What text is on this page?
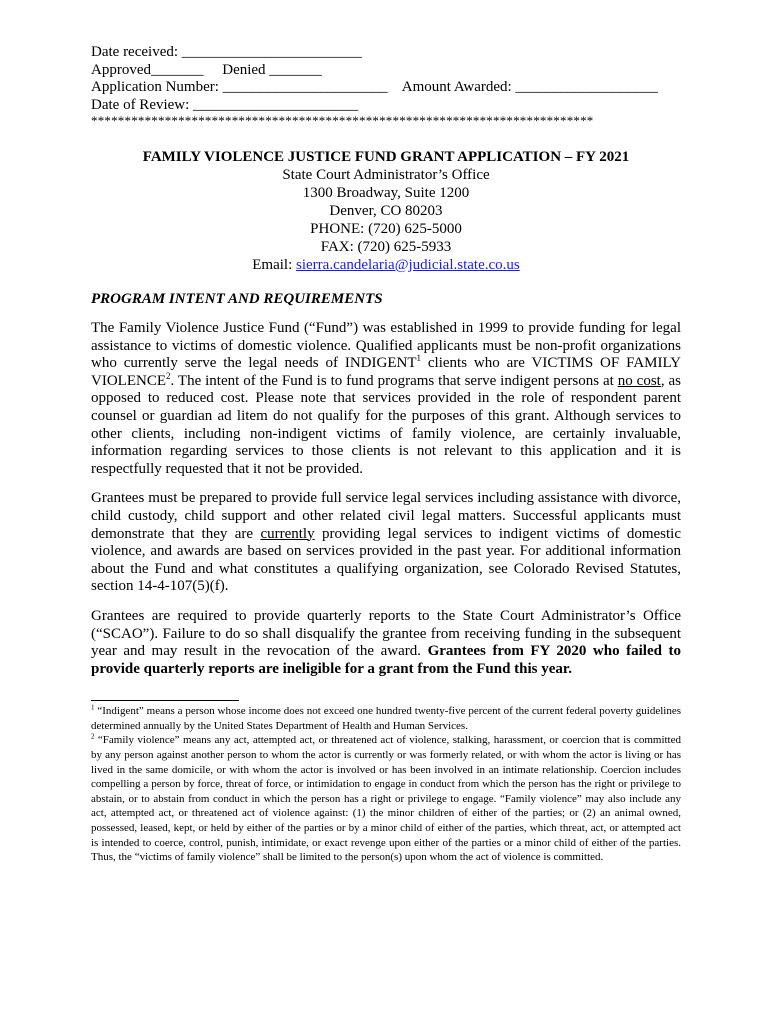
Date received: ________________________
Approved_______     Denied _______
Application Number: ______________________    Amount Awarded: ___________________
Date of Review: ______________________
***************************************************************************
FAMILY VIOLENCE JUSTICE FUND GRANT APPLICATION – FY 2021
State Court Administrator’s Office
1300 Broadway, Suite 1200
Denver, CO 80203
PHONE: (720) 625-5000
FAX: (720) 625-5933
Email: sierra.candelaria@judicial.state.co.us
PROGRAM INTENT AND REQUIREMENTS

The Family Violence Justice Fund (“Fund”) was established in 1999 to provide funding for legal assistance to victims of domestic violence. Qualified applicants must be non-profit organizations who currently serve the legal needs of INDIGENT$^1$ clients who are VICTIMS OF FAMILY VIOLENCE$^2$. The intent of the Fund is to fund programs that serve indigent persons at no cost, as opposed to reduced cost. Please note that services provided in the role of respondent parent counsel or guardian ad litem do not qualify for the purposes of this grant. Although services to other clients, including non-indigent victims of family violence, are certainly invaluable, information regarding services to those clients is not relevant to this application and it is respectfully requested that it not be provided.

Grantees must be prepared to provide full service legal services including assistance with divorce, child custody, child support and other related civil legal matters. Successful applicants must demonstrate that they are currently providing legal services to indigent victims of domestic violence, and awards are based on services provided in the past year. For additional information about the Fund and what constitutes a qualifying organization, see Colorado Revised Statutes, section 14-4-107(5)(f).

Grantees are required to provide quarterly reports to the State Court Administrator’s Office (“SCAO”). Failure to do so shall disqualify the grantee from receiving funding in the subsequent year and may result in the revocation of the award. Grantees from FY 2020 who failed to provide quarterly reports are ineligible for a grant from the Fund this year.

$^1$ “Indigent” means a person whose income does not exceed one hundred twenty-five percent of the current federal poverty guidelines determined annually by the United States Department of Health and Human Services.
$^2$ “Family violence” means any act, attempted act, or threatened act of violence, stalking, harassment, or coercion that is committed by any person against another person to whom the actor is currently or was formerly related, or with whom the actor is living or has lived in the same domicile, or with whom the actor is involved or has been involved in an intimate relationship. Coercion includes compelling a person by force, threat of force, or intimidation to engage in conduct from which the person has the right or privilege to abstain, or to abstain from conduct in which the person has a right or privilege to engage. “Family violence” may also include any act, attempted act, or threatened act of violence against: (1) the minor children of either of the parties; or (2) an animal owned, possessed, leased, kept, or held by either of the parties or by a minor child of either of the parties, which threat, act, or attempted act is intended to coerce, control, punish, intimidate, or exact revenge upon either of the parties or a minor child of either of the parties. Thus, the “victims of family violence” shall be limited to the person(s) upon whom the act of violence is committed.
